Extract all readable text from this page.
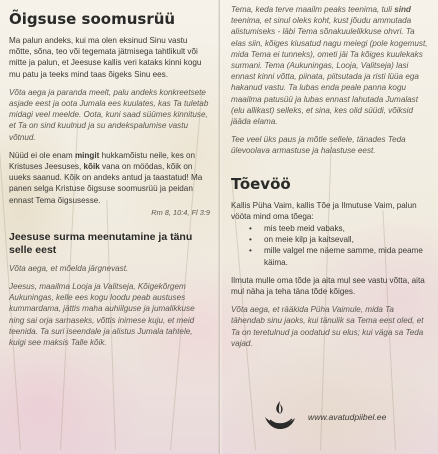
Õigsuse soomusrüü

Ma palun andeks, kui ma olen eksinud Sinu vastu mõtte, sõna, teo või tegemata jätmisega tahtlikult või mitte ja palun, et Jeesuse kallis veri kataks kinni kogu mu patu ja teeks mind taas õigeks Sinu ees.

Võta aega ja paranda meelt, palu andeks konkreetsete asjade eest ja oota Jumala ees kuulates, kas Ta tuletab midagi veel meelde. Oota, kuni saad süümes kinnituse, et Ta on sind kuulnud ja su andekspalumise vastu võtnud.

Nüüd ei ole enam mingit hukkamõistu neile, kes on Kristuses Jeesuses, kõik vana on möödas, kõik on uueks saanud. Kõik on andeks antud ja taastatud! Ma panen selga Kristuse õigsuse soomusrüü ja peidan ennast Tema õigsusesse.

Rm 8, 10:4, Fl 3:9
Jeesuse surma meenutamine ja tänu selle eest

Võta aega, et mõelda järgnevast.

Jeesus, maailma Looja ja Valitseja, Kõigekõrgem Aukuningas, kelle ees kogu loodu peab austuses kummardama, jättis maha auhiilguse ja jumalikkuse ning sai orja sarnaseks, võttis inimese kuju, et meid teenida. Ta suri iseendale ja alistus Jumala tahtele, kuigi see maksis Talle kõik.

Tema, keda terve maailm peaks teenima, tuli sind teenima, et sinul oleks koht, kust jõudu ammutada alistumiseks - läbi Tema sõnakuulelikkuse ohvri. Ta elas siin, kõiges kiusatud nagu meiegi (pole kogemust, mida Tema ei tunneks), ometi jäi Ta kõiges kuulekaks surmani. Tema (Aukuningas, Looja, Valitseja) lasi ennast kinni võtta, piinata, piitsutada ja risti lüüa ega hakanud vastu. Ta lubas enda peale panna kogu maailma patusüü ja lubas ennast lahutada Jumalast (elu allikast) selleks, et sina, kes olid süüdi, võiksid jääda elama.

Tee veel üks paus ja mõtle sellele, tänades Teda ülevoolava armastuse ja halastuse eest.

Tõevöö

Kallis Püha Vaim, kallis Tõe ja Ilmutuse Vaim, palun vööta mind oma tõega:

• mis teeb meid vabaks,
• on meie kilp ja kaitsevall,
• mille valgel me näeme samme, mida peame käima.

Ilmuta mulle oma tõde ja aita mul see vastu võtta, aita mul näha ja teha täna tõde kõiges.

Võta aega, et rääkida Püha Vaimule, mida Ta tähendab sinu jaoks, kui tänulik sa Tema eest oled, et Ta on teretulnud ja oodatud su elus; kui väga sa Teda vajad.

www.avatudpiibel.ee
